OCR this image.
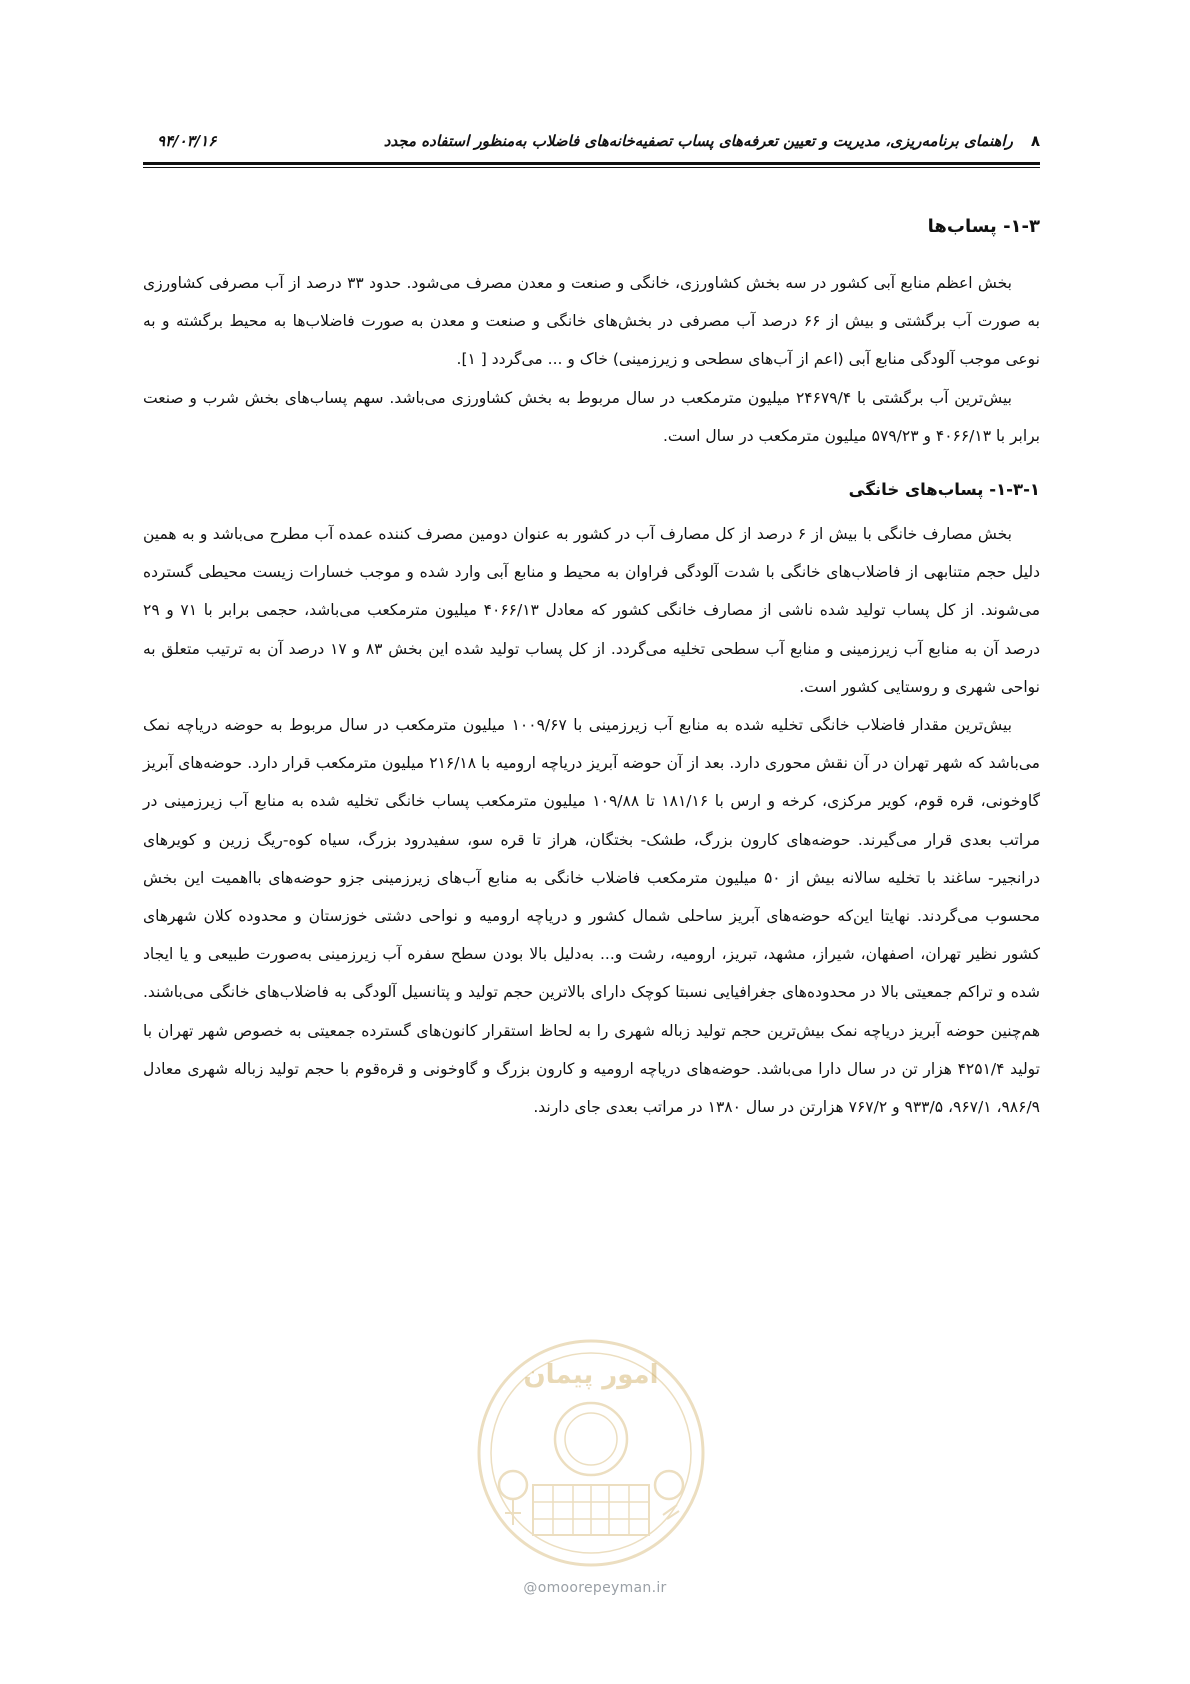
۸
راهنمای برنامه‌ریزی، مدیریت و تعیین تعرفه‌های پساب تصفیه‌خانه‌های فاضلاب به‌منظور استفاده مجدد
۹۴/۰۳/۱۶
۱-۳- پساب‌ها

بخش اعظم منابع آبی کشور در سه بخش کشاورزی، خانگی و صنعت و معدن مصرف می‌شود. حدود ۳۳ درصد از آب مصرفی کشاورزی به صورت آب برگشتی و بیش از ۶۶ درصد آب مصرفی در بخش‌های خانگی و صنعت و معدن به صورت فاضلاب‌ها به محیط برگشته و به نوعی موجب آلودگی منابع آبی (اعم از آب‌های سطحی و زیرزمینی) خاک و ... می‌گردد [ ۱].

بیش‌ترین آب برگشتی با ۲۴۶۷۹/۴ میلیون مترمکعب در سال مربوط به بخش کشاورزی می‌باشد. سهم پساب‌های بخش شرب و صنعت برابر با ۴۰۶۶/۱۳ و ۵۷۹/۲۳ میلیون مترمکعب در سال است.

۱-۳-۱- پساب‌های خانگی

بخش مصارف خانگی با بیش از ۶ درصد از کل مصارف آب در کشور به عنوان دومین مصرف کننده عمده آب مطرح می‌باشد و به همین دلیل حجم متنابهی از فاضلاب‌های خانگی با شدت آلودگی فراوان به محیط و منابع آبی وارد شده و موجب خسارات زیست محیطی گسترده می‌شوند. از کل پساب تولید شده ناشی از مصارف خانگی کشور که معادل ۴۰۶۶/۱۳ میلیون مترمکعب می‌باشد، حجمی برابر با ۷۱ و ۲۹ درصد آن به منابع آب زیرزمینی و منابع آب سطحی تخلیه می‌گردد. از کل پساب تولید شده این بخش ۸۳ و ۱۷ درصد آن به ترتیب متعلق به نواحی شهری و روستایی کشور است.

بیش‌ترین مقدار فاضلاب خانگی تخلیه شده به منابع آب زیرزمینی با ۱۰۰۹/۶۷ میلیون مترمکعب در سال مربوط به حوضه دریاچه نمک می‌باشد که شهر تهران در آن نقش محوری دارد. بعد از آن حوضه آبریز دریاچه ارومیه با ۲۱۶/۱۸ میلیون مترمکعب قرار دارد. حوضه‌های آبریز گاوخونی، قره قوم، کویر مرکزی، کرخه و ارس با ۱۸۱/۱۶ تا ۱۰۹/۸۸ میلیون مترمکعب پساب خانگی تخلیه شده به منابع آب زیرزمینی در مراتب بعدی قرار می‌گیرند. حوضه‌های کارون بزرگ، طشک- بختگان، هراز تا قره سو، سفیدرود بزرگ، سیاه کوه-ریگ زرین و کویرهای درانجیر- ساغند با تخلیه سالانه بیش از ۵۰ میلیون مترمکعب فاضلاب خانگی به منابع آب‌های زیرزمینی جزو حوضه‌های بااهمیت این بخش محسوب می‌گردند. نهایتا این‌که حوضه‌های آبریز ساحلی شمال کشور و دریاچه ارومیه و نواحی دشتی خوزستان و محدوده کلان شهرهای کشور نظیر تهران، اصفهان، شیراز، مشهد، تبریز، ارومیه، رشت و... به‌دلیل بالا بودن سطح سفره آب زیرزمینی به‌صورت طبیعی و یا ایجاد شده و تراکم جمعیتی بالا در محدوده‌های جغرافیایی نسبتا کوچک دارای بالاترین حجم تولید و پتانسیل آلودگی به فاضلاب‌های خانگی می‌باشند. هم‌چنین حوضه آبریز دریاچه نمک بیش‌ترین حجم تولید زباله شهری را به لحاظ استقرار کانون‌های گسترده جمعیتی به خصوص شهر تهران با تولید ۴۲۵۱/۴ هزار تن در سال دارا می‌باشد. حوضه‌های دریاچه ارومیه و کارون بزرگ و گاوخونی و قره‌قوم با حجم تولید زباله شهری معادل ۹۸۶/۹، ۹۶۷/۱، ۹۳۳/۵ و ۷۶۷/۲ هزارتن در سال ۱۳۸۰ در مراتب بعدی جای دارند.

امور پیمان
@omoorepeyman.ir
